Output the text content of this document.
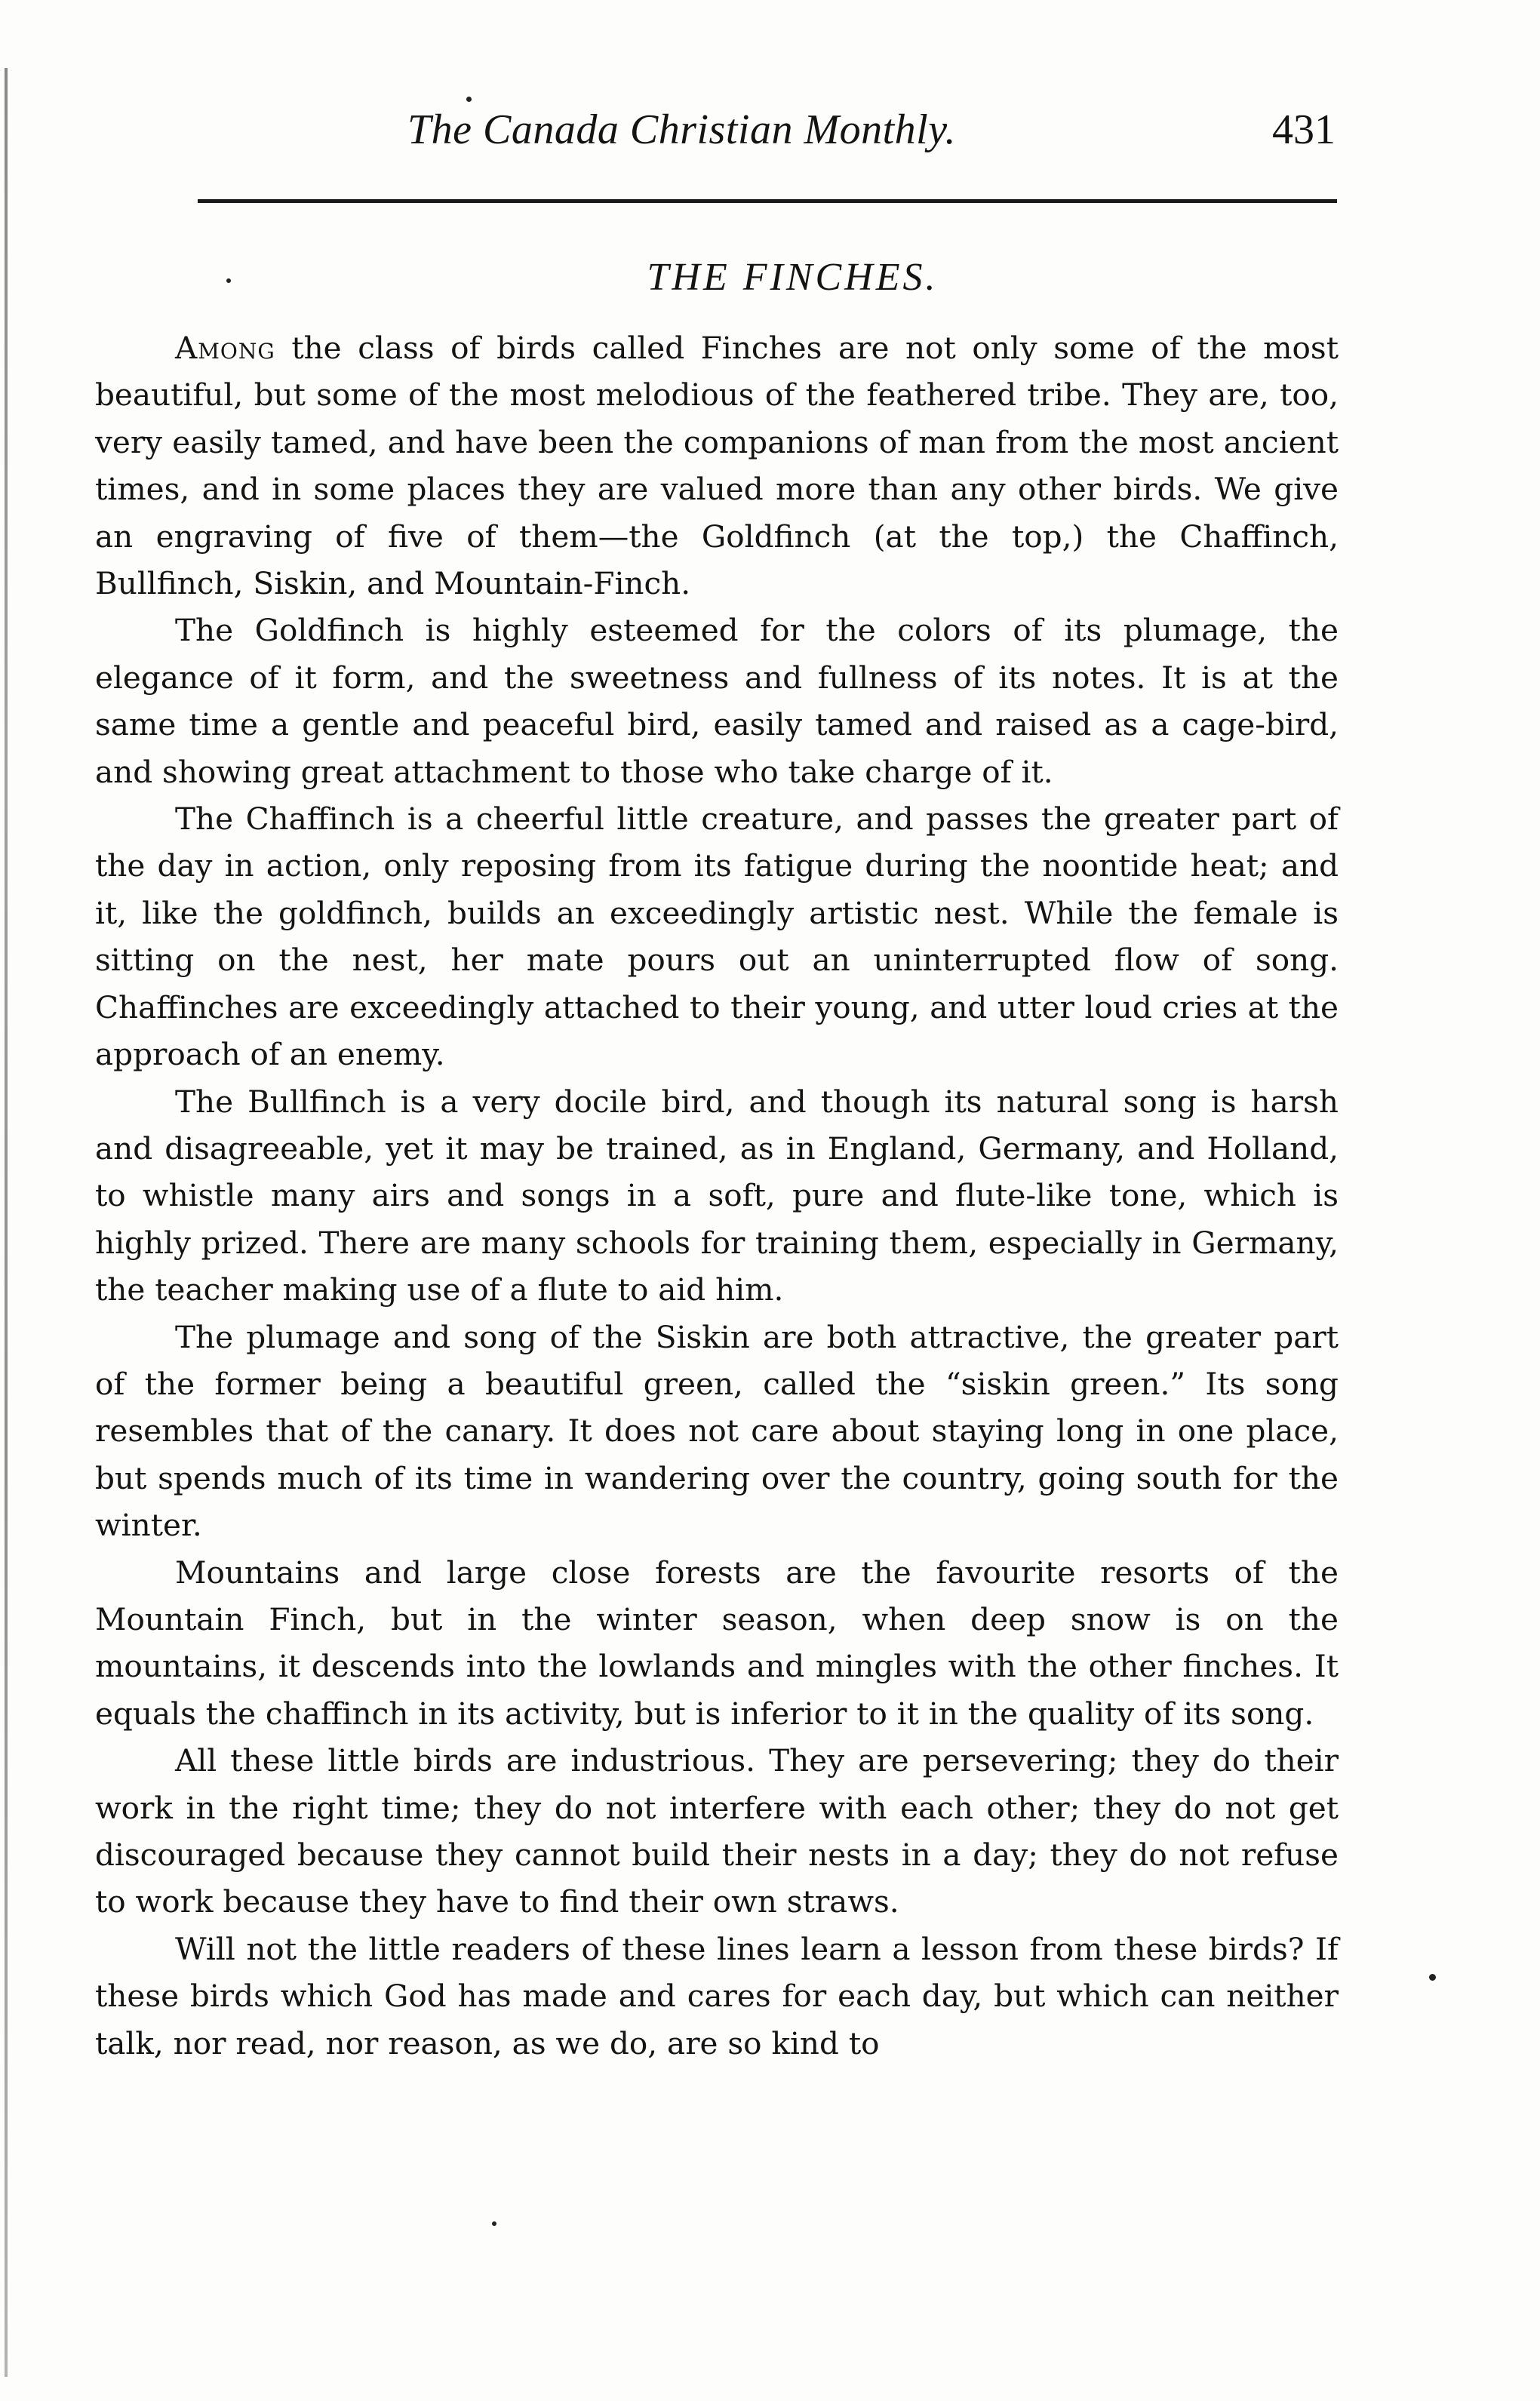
The Canada Christian Monthly.	431
THE FINCHES.

Among the class of birds called Finches are not only some of the most beautiful, but some of the most melodious of the feathered tribe. They are, too, very easily tamed, and have been the companions of man from the most ancient times, and in some places they are valued more than any other birds. We give an engraving of five of them—the Goldfinch (at the top,) the Chaffinch, Bullfinch, Siskin, and Mountain-Finch.

The Goldfinch is highly esteemed for the colors of its plumage, the elegance of it form, and the sweetness and fullness of its notes. It is at the same time a gentle and peaceful bird, easily tamed and raised as a cage-bird, and showing great attachment to those who take charge of it.

The Chaffinch is a cheerful little creature, and passes the greater part of the day in action, only reposing from its fatigue during the noontide heat; and it, like the goldfinch, builds an exceedingly artistic nest. While the female is sitting on the nest, her mate pours out an uninterrupted flow of song. Chaffinches are exceedingly attached to their young, and utter loud cries at the approach of an enemy.

The Bullfinch is a very docile bird, and though its natural song is harsh and disagreeable, yet it may be trained, as in England, Germany, and Holland, to whistle many airs and songs in a soft, pure and flute-like tone, which is highly prized. There are many schools for training them, especially in Germany, the teacher making use of a flute to aid him.

The plumage and song of the Siskin are both attractive, the greater part of the former being a beautiful green, called the “siskin green.” Its song resembles that of the canary. It does not care about staying long in one place, but spends much of its time in wandering over the country, going south for the winter.

Mountains and large close forests are the favourite resorts of the Mountain Finch, but in the winter season, when deep snow is on the mountains, it descends into the lowlands and mingles with the other finches. It equals the chaffinch in its activity, but is inferior to it in the quality of its song.

All these little birds are industrious. They are persevering; they do their work in the right time; they do not interfere with each other; they do not get discouraged because they cannot build their nests in a day; they do not refuse to work because they have to find their own straws.

Will not the little readers of these lines learn a lesson from these birds? If these birds which God has made and cares for each day, but which can neither talk, nor read, nor reason, as we do, are so kind to
